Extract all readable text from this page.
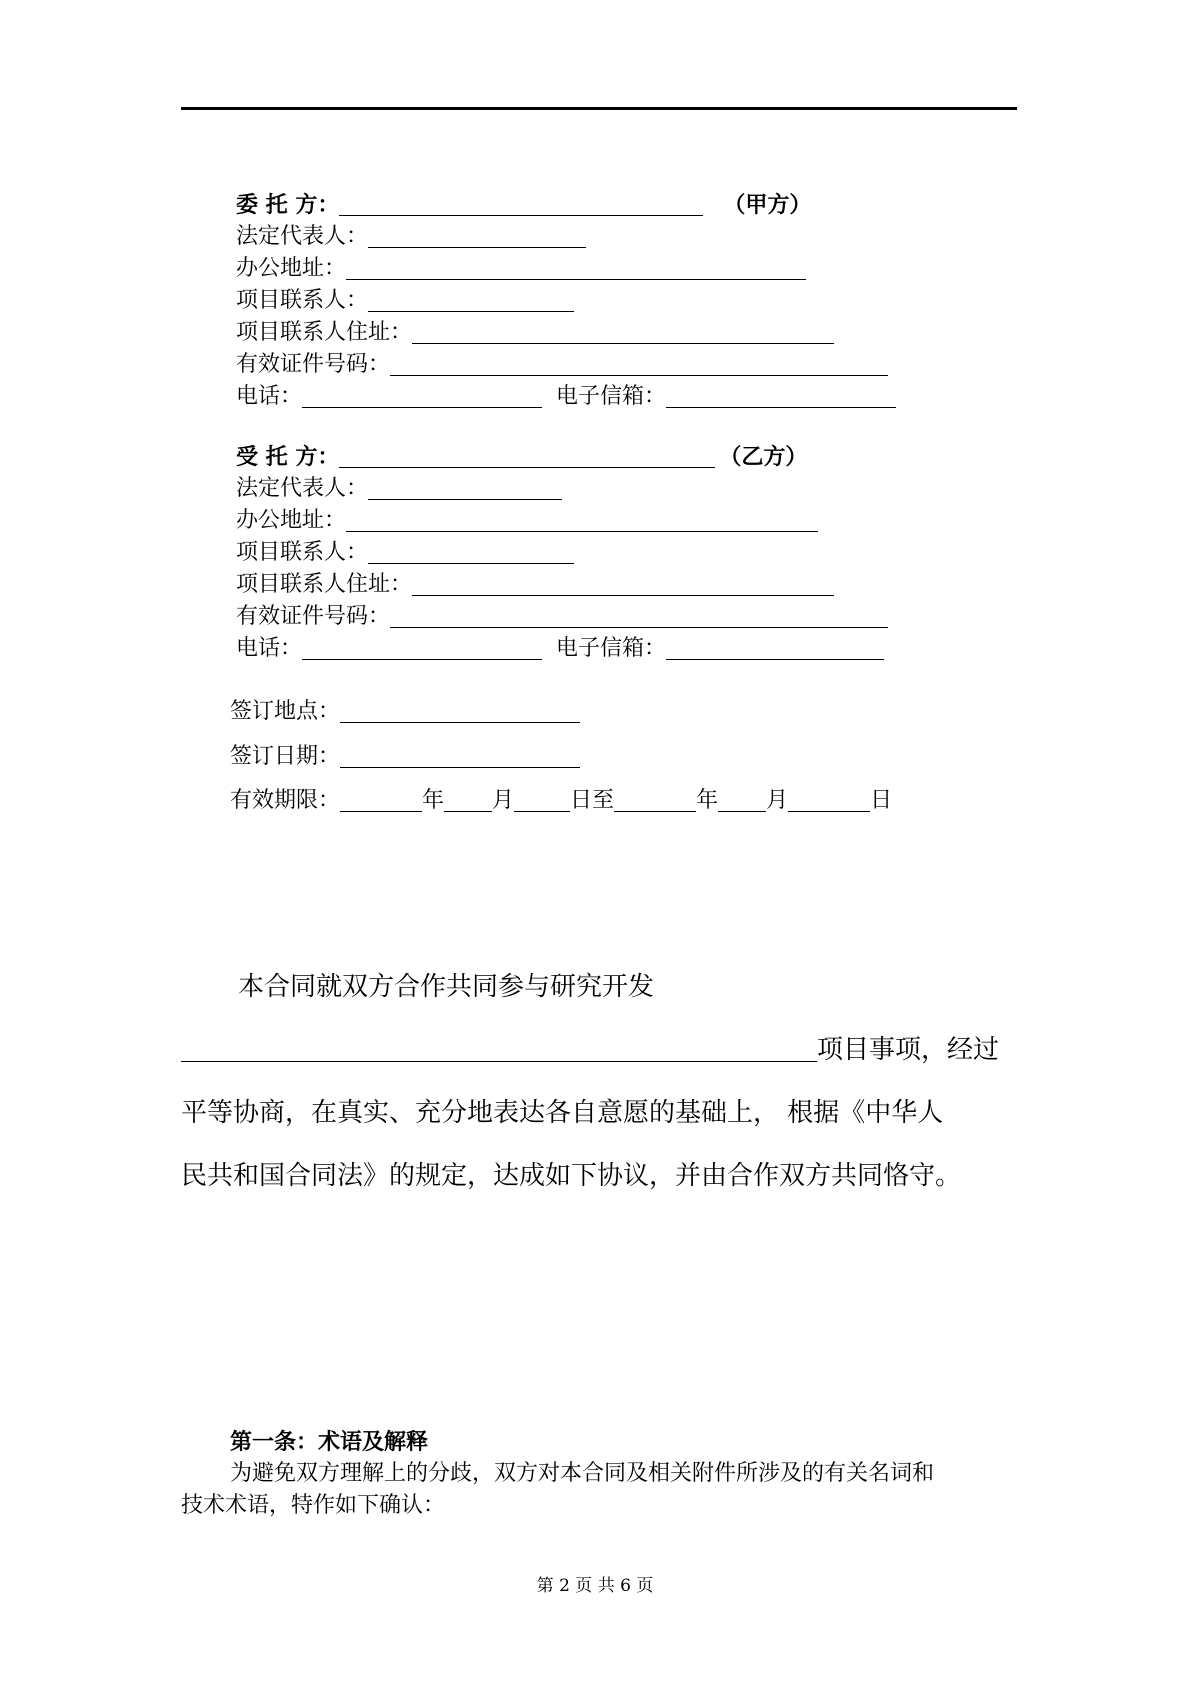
委 托 方：	（甲方）
法定代表人：
办公地址：
项目联系人：
项目联系人住址：
有效证件号码：
电话：	电子信箱：
受 托 方：	（乙方）
法定代表人：
办公地址：
项目联系人：
项目联系人住址：
有效证件号码：
电话：	电子信箱：
签订地点：
签订日期：
有效期限：	年 月	日至	年 月	日
本合同就双方合作共同参与研究开发
项目事项，经过
平等协商，在真实、充分地表达各自意愿的基础上， 根据《中华人
民共和国合同法》的规定，达成如下协议，并由合作双方共同恪守。
第一条：术语及解释
为避免双方理解上的分歧，双方对本合同及相关附件所涉及的有关名词和
技术术语，特作如下确认：
第 2 页 共 6 页
